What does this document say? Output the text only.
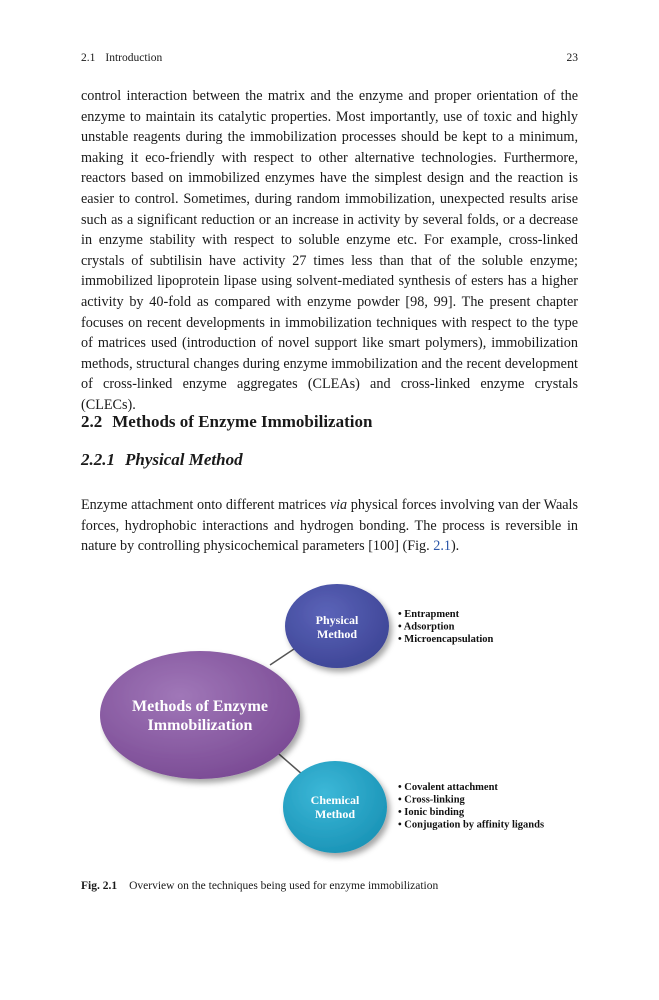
2.1 Introduction	23

control interaction between the matrix and the enzyme and proper orientation of the enzyme to maintain its catalytic properties. Most importantly, use of toxic and highly unstable reagents during the immobilization processes should be kept to a minimum, making it eco-friendly with respect to other alternative technologies. Furthermore, reactors based on immobilized enzymes have the simplest design and the reaction is easier to control. Sometimes, during random immobilization, unexpected results arise such as a significant reduction or an increase in activity by several folds, or a decrease in enzyme stability with respect to soluble enzyme etc. For example, cross-linked crystals of subtilisin have activity 27 times less than that of the soluble enzyme; immobilized lipoprotein lipase using solvent-mediated synthesis of esters has a higher activity by 40-fold as compared with enzyme powder [98, 99]. The present chapter focuses on recent developments in immobilization techniques with respect to the type of matrices used (introduction of novel support like smart polymers), immobilization methods, structural changes during enzyme immobilization and the recent development of cross-linked enzyme aggregates (CLEAs) and cross-linked enzyme crystals (CLECs).

2.2 Methods of Enzyme Immobilization
2.2.1 Physical Method

Enzyme attachment onto different matrices via physical forces involving van der Waals forces, hydrophobic interactions and hydrogen bonding. The process is reversible in nature by controlling physicochemical parameters [100] (Fig. 2.1).

Methods of Enzyme
Immobilization
Physical
Method
Chemical
Method
• Entrapment
• Adsorption
• Microencapsulation
• Covalent attachment
• Cross-linking
• Ionic binding
• Conjugation by affinity ligands

Fig. 2.1 Overview on the techniques being used for enzyme immobilization
